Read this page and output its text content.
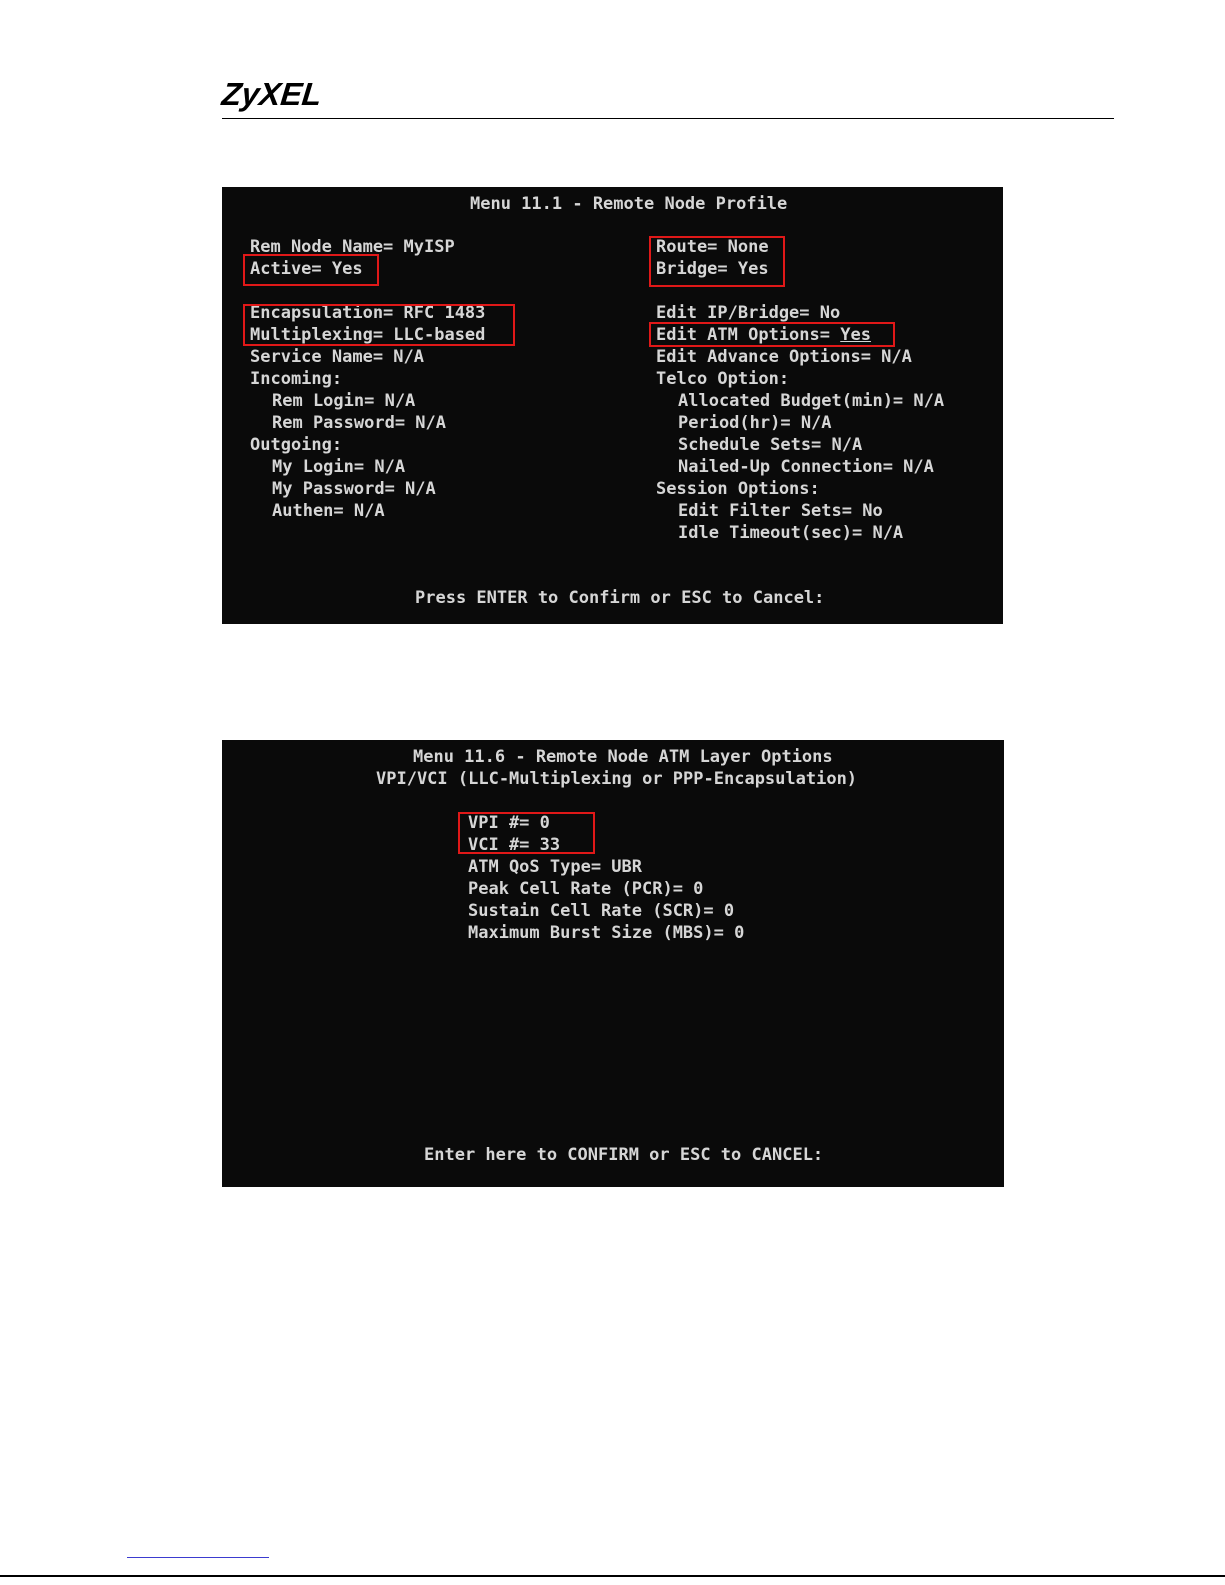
ZyXEL

Menu 11.1 - Remote Node Profile

Rem Node Name= MyISP

Active= Yes

Encapsulation= RFC 1483

Multiplexing= LLC-based

Service Name= N/A

Incoming:

Rem Login= N/A

Rem Password= N/A

Outgoing:

My Login= N/A

My Password= N/A

Authen= N/A

Route= None

Bridge= Yes

Edit IP/Bridge= No

Edit ATM Options= Yes

Edit Advance Options= N/A

Telco Option:

Allocated Budget(min)= N/A

Period(hr)= N/A

Schedule Sets= N/A

Nailed-Up Connection= N/A

Session Options:

Edit Filter Sets= No

Idle Timeout(sec)= N/A

Press ENTER to Confirm or ESC to Cancel:

Menu 11.6 - Remote Node ATM Layer Options

VPI/VCI (LLC-Multiplexing or PPP-Encapsulation)

VPI #= 0

VCI #= 33

ATM QoS Type= UBR

Peak Cell Rate (PCR)= 0

Sustain Cell Rate (SCR)= 0

Maximum Burst Size (MBS)= 0

Enter here to CONFIRM or ESC to CANCEL:
